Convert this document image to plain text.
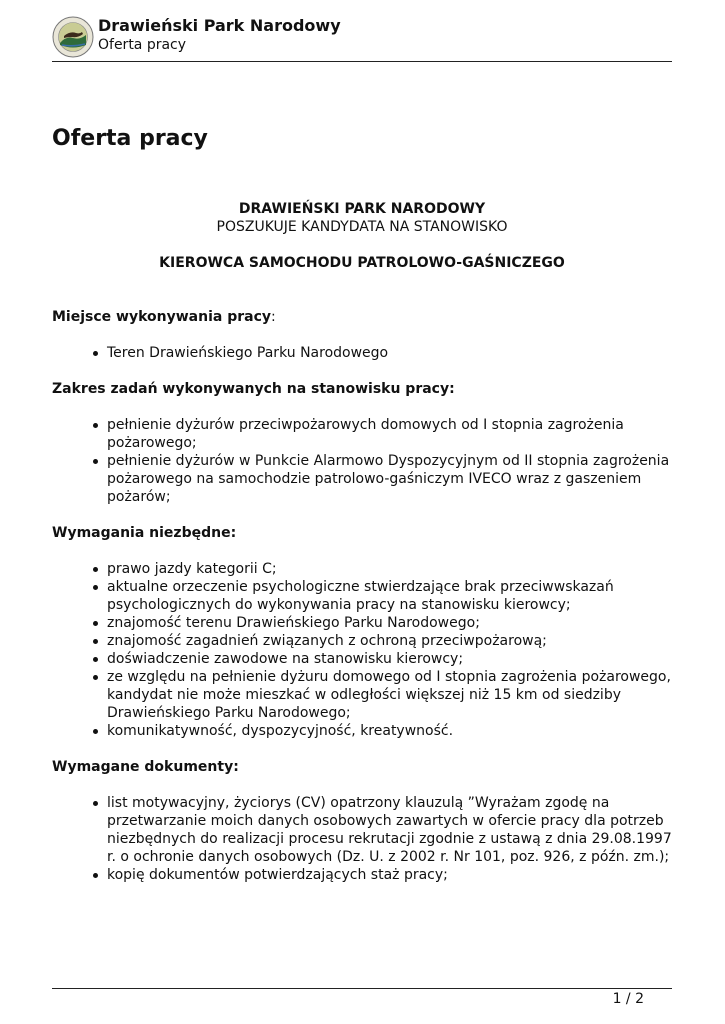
Drawieński Park Narodowy
Oferta pracy
Oferta pracy
DRAWIEŃSKI PARK NARODOWY
POSZUKUJE KANDYDATA NA STANOWISKO
KIEROWCA SAMOCHODU PATROLOWO-GAŚNICZEGO
Miejsce wykonywania pracy:
Teren Drawieńskiego Parku Narodowego
Zakres zadań wykonywanych na stanowisku pracy:
pełnienie dyżurów przeciwpożarowych domowych od I stopnia zagrożenia pożarowego;
pełnienie dyżurów w Punkcie Alarmowo Dyspozycyjnym od II stopnia zagrożenia pożarowego na samochodzie patrolowo-gaśniczym IVECO wraz z gaszeniem pożarów;
Wymagania niezbędne:
prawo jazdy kategorii C;
aktualne orzeczenie psychologiczne stwierdzające brak przeciwwskazań psychologicznych do wykonywania pracy na stanowisku kierowcy;
znajomość terenu Drawieńskiego Parku Narodowego;
znajomość zagadnień związanych z ochroną przeciwpożarową;
doświadczenie zawodowe na stanowisku kierowcy;
ze względu na pełnienie dyżuru domowego od I stopnia zagrożenia pożarowego, kandydat nie może mieszkać w odległości większej niż 15 km od siedziby Drawieńskiego Parku Narodowego;
komunikatywność, dyspozycyjność, kreatywność.
Wymagane dokumenty:
list motywacyjny, życiorys (CV) opatrzony klauzulą ”Wyrażam zgodę na przetwarzanie moich danych osobowych zawartych w ofercie pracy dla potrzeb niezbędnych do realizacji procesu rekrutacji zgodnie z ustawą z dnia 29.08.1997 r. o ochronie danych osobowych (Dz. U. z 2002 r. Nr 101, poz. 926, z późn. zm.);
kopię dokumentów potwierdzających staż pracy;
1 / 2
